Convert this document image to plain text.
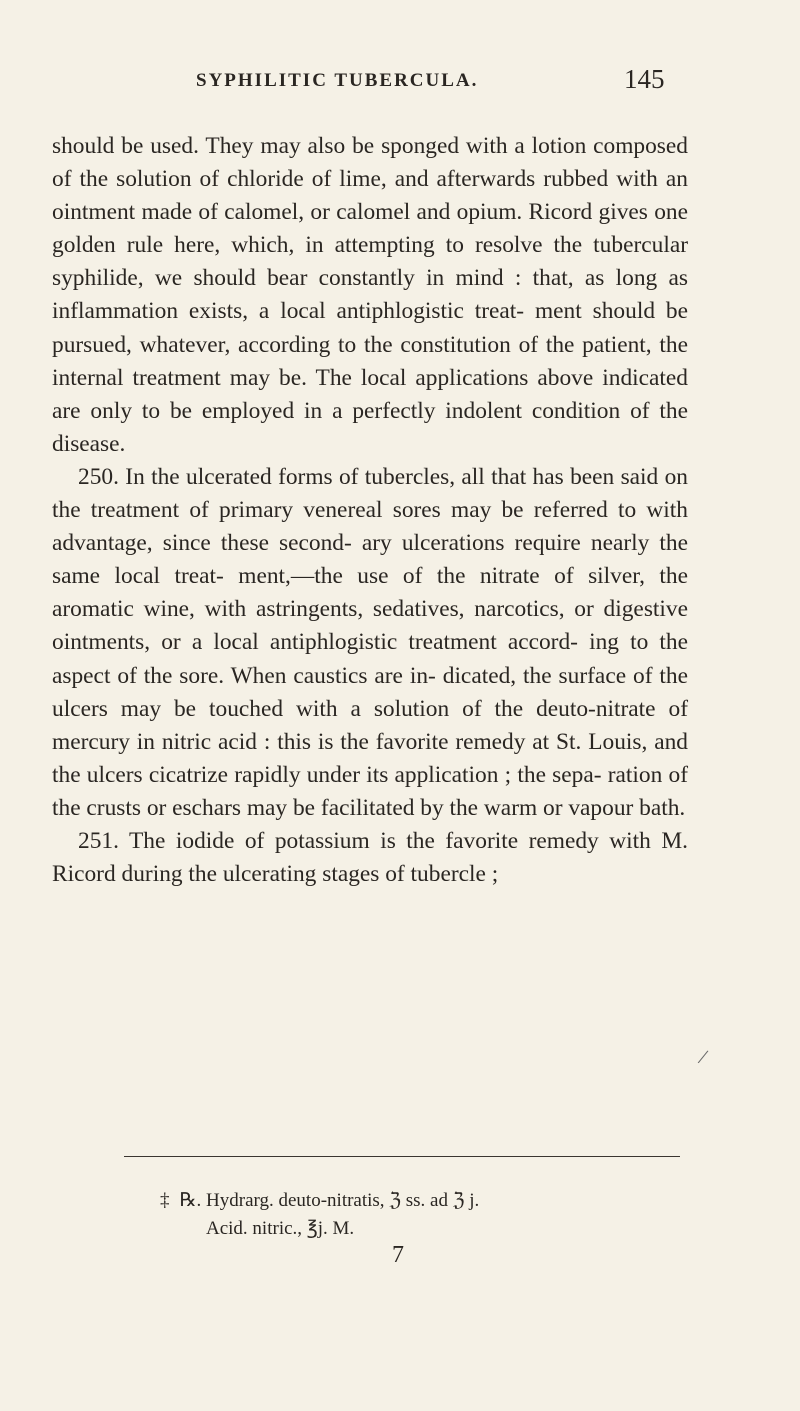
SYPHILITIC TUBERCULA.	145

should be used. They may also be sponged with a lotion composed of the solution of chloride of lime, and afterwards rubbed with an ointment made of calomel, or calomel and opium. Ricord gives one golden rule here, which, in attempting to resolve the tubercular syphilide, we should bear constantly in mind : that, as long as inflammation exists, a local antiphlogistic treat- ment should be pursued, whatever, according to the constitution of the patient, the internal treatment may be. The local applications above indicated are only to be employed in a perfectly indolent condition of the disease.

250. In the ulcerated forms of tubercles, all that has been said on the treatment of primary venereal sores may be referred to with advantage, since these second- ary ulcerations require nearly the same local treat- ment,—the use of the nitrate of silver, the aromatic wine, with astringents, sedatives, narcotics, or digestive ointments, or a local antiphlogistic treatment accord- ing to the aspect of the sore. When caustics are in- dicated, the surface of the ulcers may be touched with a solution of the deuto-nitrate of mercury in nitric acid : this is the favorite remedy at St. Louis, and the ulcers cicatrize rapidly under its application ; the sepa- ration of the crusts or eschars may be facilitated by the warm or vapour bath.

251. The iodide of potassium is the favorite remedy with M. Ricord during the ulcerating stages of tubercle ;

/
‡ ℞. Hydrarg. deuto-nitratis, ℨ ss. ad ℨ j.
Acid. nitric., ℥j. M.
7
